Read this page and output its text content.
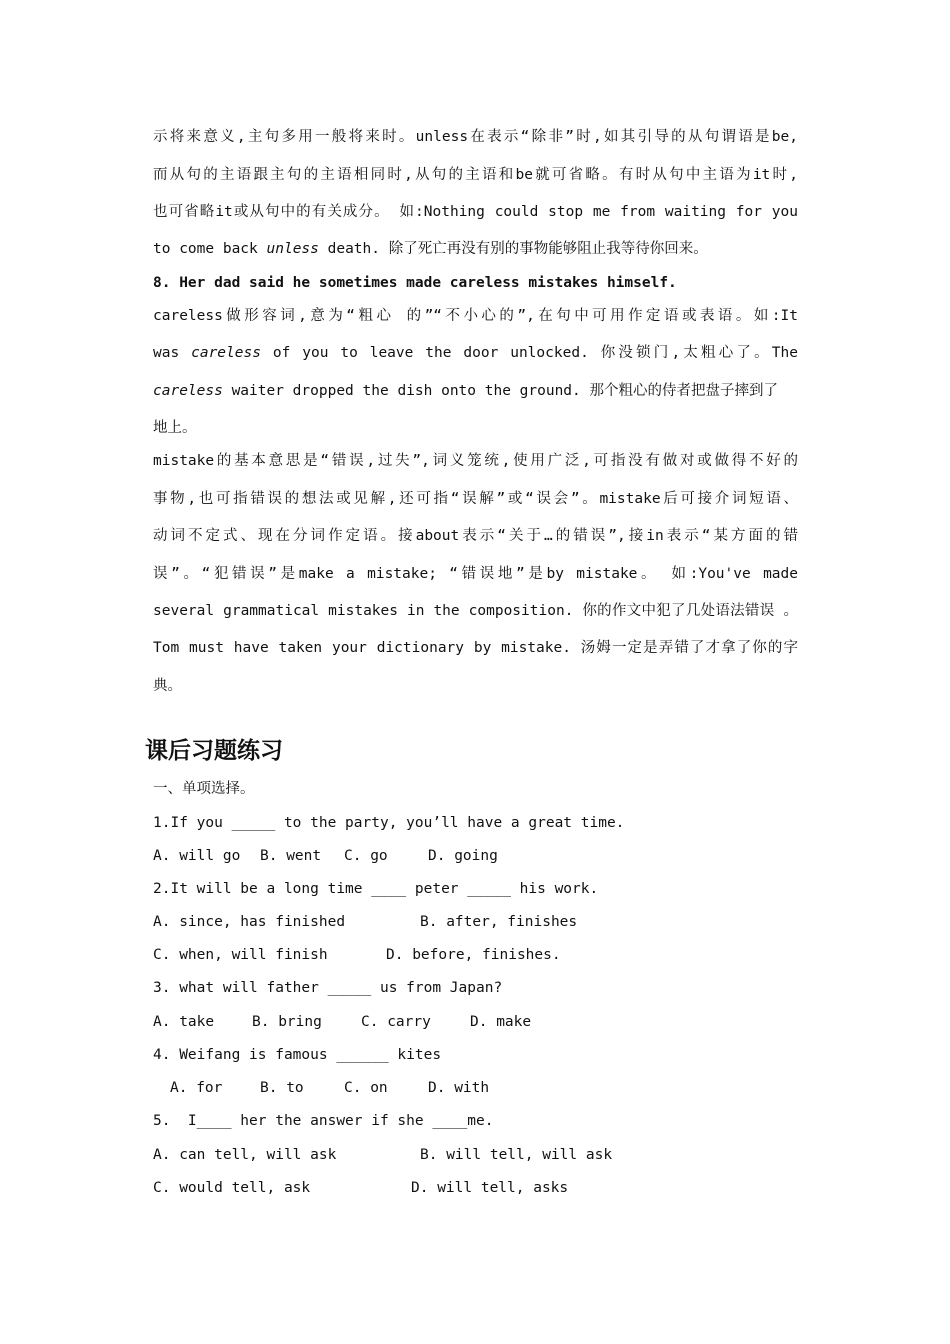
示将来意义,主句多用一般将来时。unless在表示“除非”时,如其引导的从句谓语是be,
而从句的主语跟主句的主语相同时,从句的主语和be就可省略。有时从句中主语为it时,
也可省略it或从句中的有关成分。 如:Nothing could stop me from waiting for you
to come back unless death. 除了死亡再没有别的事物能够阻止我等待你回来。
8. Her dad said he sometimes made careless mistakes himself.
careless做形容词,意为“粗心 的”“不小心的”,在句中可用作定语或表语。如:It
was careless of you to leave the door unlocked. 你没锁门,太粗心了。The
careless waiter dropped the dish onto the ground. 那个粗心的侍者把盘子摔到了
地上。
mistake的基本意思是“错误,过失”,词义笼统,使用广泛,可指没有做对或做得不好的
事物,也可指错误的想法或见解,还可指“误解”或“误会”。mistake后可接介词短语、
动词不定式、现在分词作定语。接about表示“关于…的错误”,接in表示“某方面的错
误”。“犯错误”是make a mistake; “错误地”是by mistake。 如:You've made
several grammatical mistakes in the composition. 你的作文中犯了几处语法错误 。
Tom must have taken your dictionary by mistake. 汤姆一定是弄错了才拿了你的字
典。
课后习题练习
一、单项选择。
1.If you _____ to the party, you’ll have a great time.
A. will go B. went C. go	D. going
2.It will be a long time ____ peter _____ his work.
A. since, has finished	B. after, finishes
C. when, will finish	D. before, finishes.
3. what will father _____ us from Japan?
A. take	B. bring	C. carry	D. make
4. Weifang is famous ______ kites
A. for	B. to	C. on	D. with
5.  I____ her the answer if she ____me.
A. can tell, will ask	B. will tell, will ask
C. would tell, ask	D. will tell, asks
